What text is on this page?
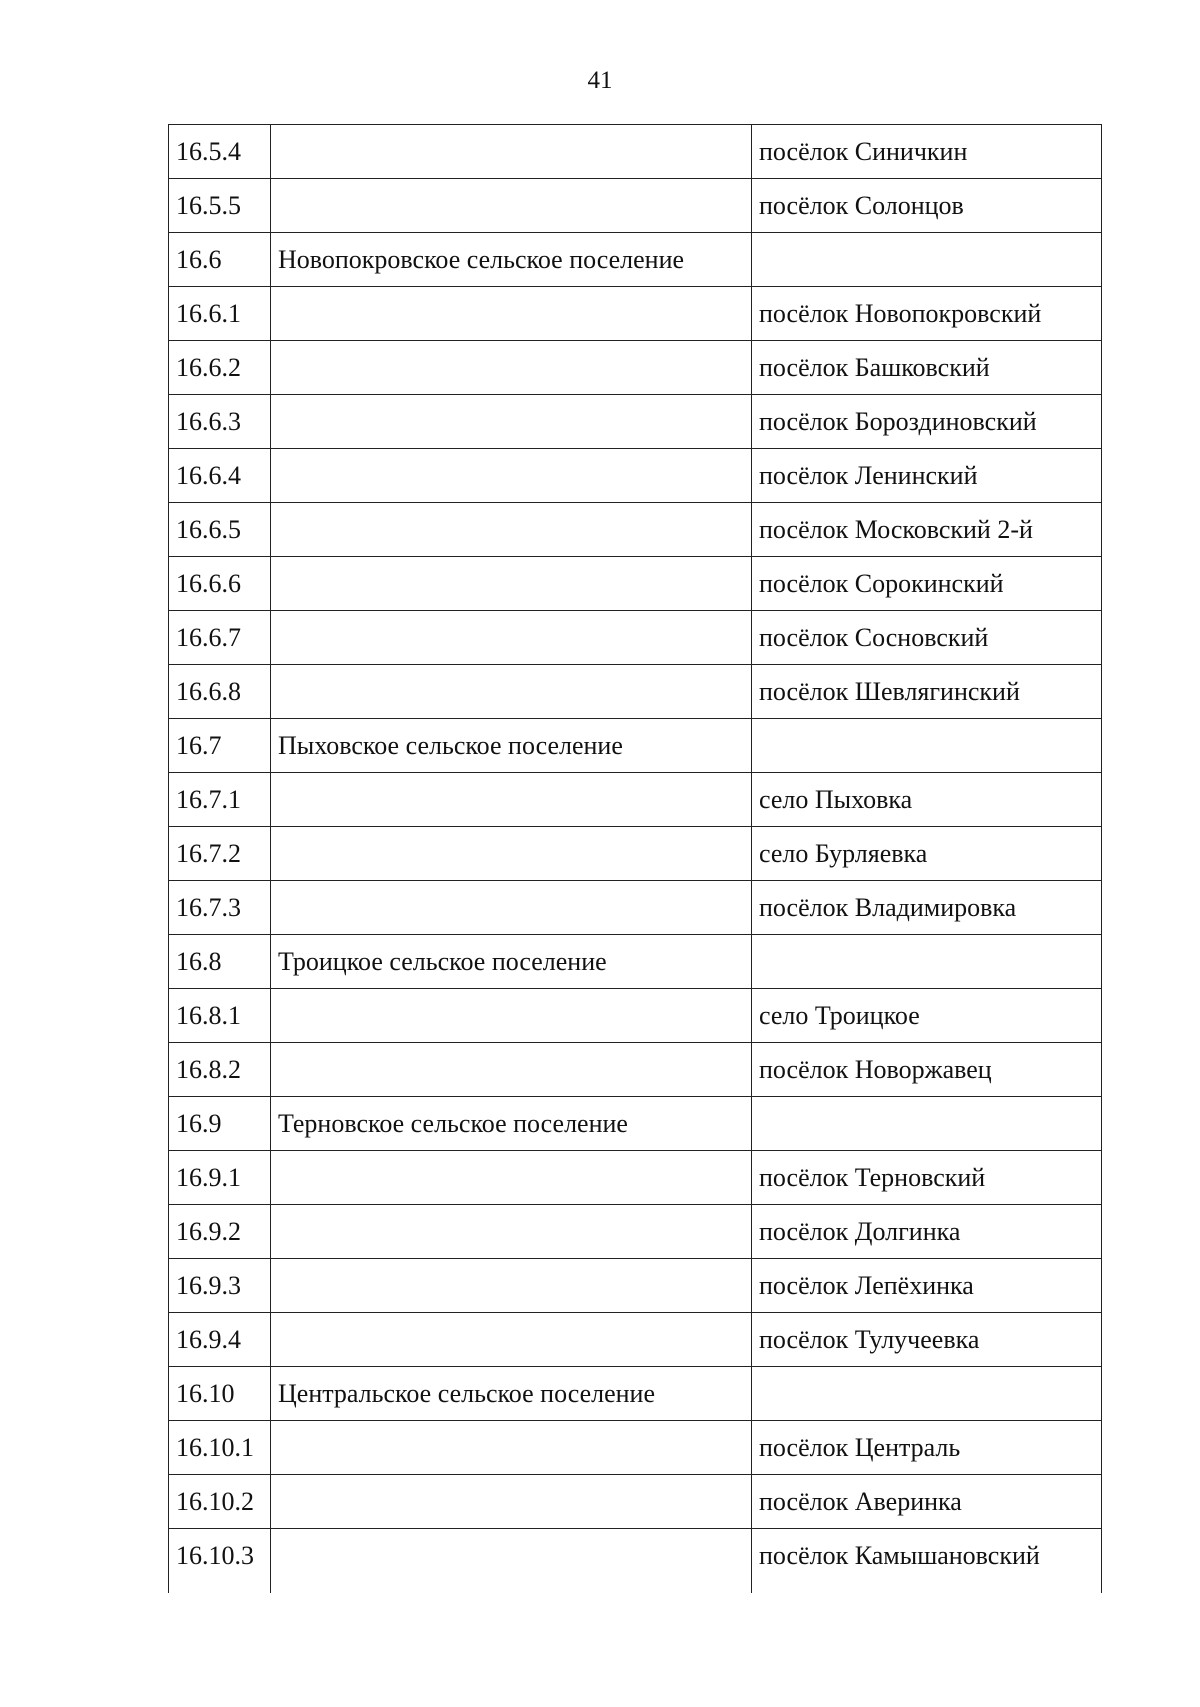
41
16.5.4		посёлок Синичкин
16.5.5		посёлок Солонцов
16.6	Новопокровское сельское поселение	
16.6.1		посёлок Новопокровский
16.6.2		посёлок Башковский
16.6.3		посёлок Бороздиновский
16.6.4		посёлок Ленинский
16.6.5		посёлок Московский 2-й
16.6.6		посёлок Сорокинский
16.6.7		посёлок Сосновский
16.6.8		посёлок Шевлягинский
16.7	Пыховское сельское поселение	
16.7.1		село Пыховка
16.7.2		село Бурляевка
16.7.3		посёлок Владимировка
16.8	Троицкое сельское поселение	
16.8.1		село Троицкое
16.8.2		посёлок Новоржавец
16.9	Терновское сельское поселение	
16.9.1		посёлок Терновский
16.9.2		посёлок Долгинка
16.9.3		посёлок Лепёхинка
16.9.4		посёлок Тулучеевка
16.10	Центральское сельское поселение	
16.10.1		посёлок Централь
16.10.2		посёлок Аверинка
16.10.3		посёлок Камышановский
